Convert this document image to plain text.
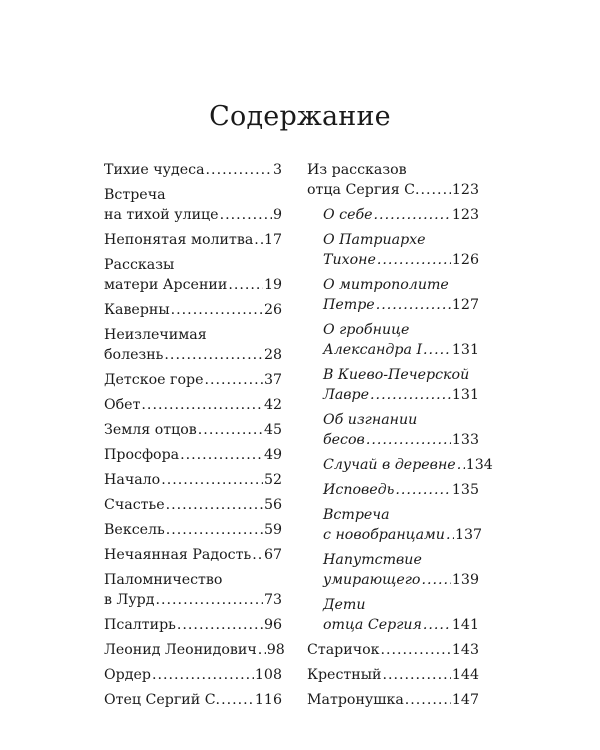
Содержание
Тихие чудеса .....	3
Встреча
на тихой улице .....	9
Непонятая молитва ..... 17
Рассказы
матери Арсении .....	19
Каверны .....	26
Неизлечимая
болезнь .....	28
Детское горе .....	37
Обет .....	42
Земля отцов .....	45
Просфора .....	49
Начало .....	52
Счастье .....	56
Вексель .....	59
Нечаянная Радость ..... 67
Паломничество
в Лурд .....	73
Псалтирь .....	96
Леонид Леонидович ..... 98
Ордер .....	108
Отец Сергий С. ..... 116
Из рассказов
отца Сергия С. ..... 123
О себе .....	123
О Патриархе
Тихоне .....	126
О митрополите
Петре .....	127
О гробнице
Александра I ..... 131
В Киево-Печерской
Лавре .....	131
Об изгнании
бесов .....	133
Случай в деревне ..... 134
Исповедь .....	135
Встреча
с новобранцами ..... 137
Напутствие
умирающего ..... 139
Дети
отца Сергия ..... 141
Старичок .....	143
Крестный .....	144
Матронушка .....	147
